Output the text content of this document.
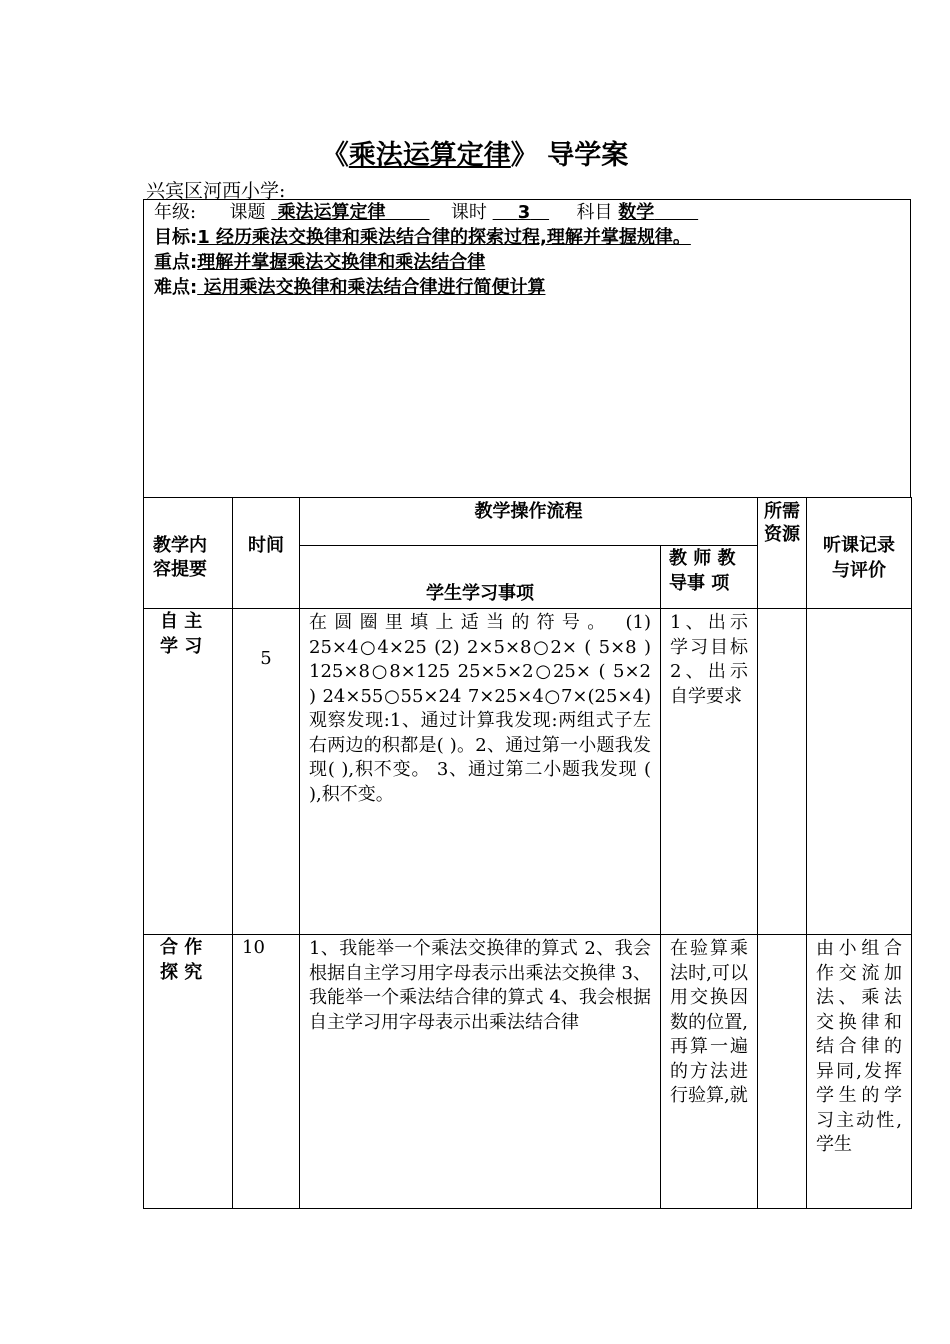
《乘法运算定律》 导学案
兴宾区河西小学:
年级: 课题 乘法运算定律	课时 3	科目 数学
目标:1 经历乘法交换律和乘法结合律的探索过程,理解并掌握规律。
重点:理解并掌握乘法交换律和乘法结合律
难点: 运用乘法交换律和乘法结合律进行简便计算
教学内容提要	时间	教学操作流程		所需资源	听课记录与评价
		学生学习事项	教 师 教 导事 项		
自 主 学 习	5	在圆圈里填上适当的符号。 (1) 25×4○4×25 (2) 2×5×8○2× ( 5×8 ) 125×8○8×125 25×5×2○25× ( 5×2 ) 24×55○55×24 7×25×4○7×(25×4) 观察发现:1、通过计算我发现:两组式子左右两边的积都是( )。2、通过第一小题我发现( ),积不变。 3、通过第二小题我发现 ( ),积不变。	1、出示学习目标 2、出示自学要求		
合 作 探 究	10	1、我能举一个乘法交换律的算式 2、我会根据自主学习用字母表示出乘法交换律 3、我能举一个乘法结合律的算式 4、我会根据自主学习用字母表示出乘法结合律	在验算乘法时,可以用交换因数的位置,再算一遍的方法进行验算,就		由小组合作交流加法、乘法交换律和结合律的异同,发挥学生的学习主动性,学生
